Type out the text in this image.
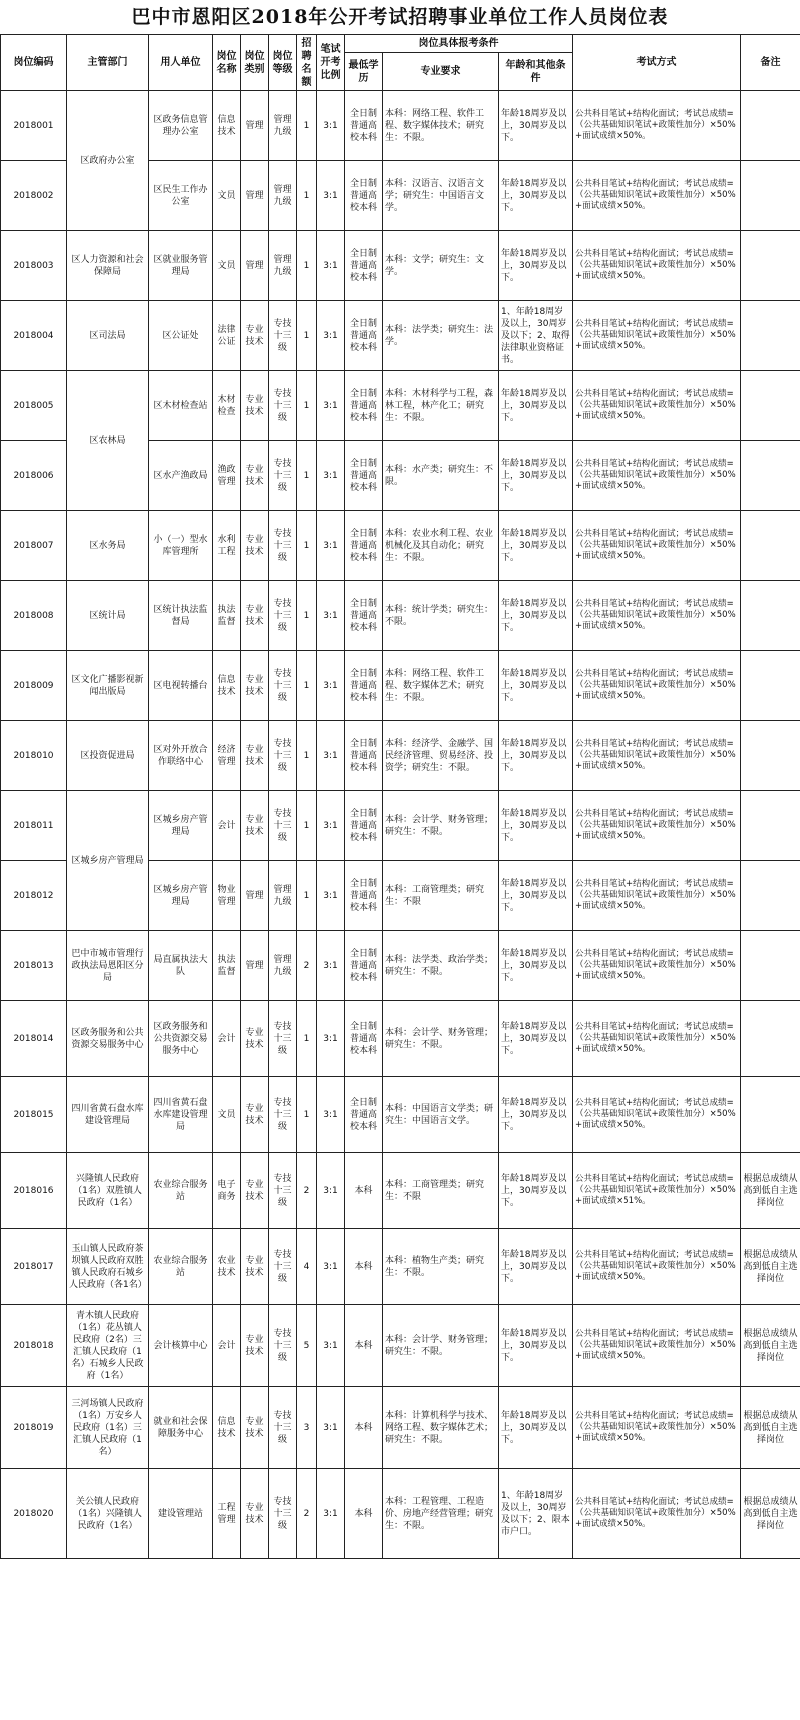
巴中市恩阳区2018年公开考试招聘事业单位工作人员岗位表
岗位编码	主管部门	用人单位	岗位名称	岗位类别	岗位等级	招聘名额	笔试开考比例	岗位具体报考条件			考试方式	备注
								最低学历	专业要求	年龄和其他条件		
2018001	区政府办公室	区政务信息管理办公室	信息技术	管理	管理九级	1	3:1	全日制普通高校本科	本科：网络工程、软件工程、数字媒体技术；研究生：不限。	年龄18周岁及以上，30周岁及以下。	公共科目笔试+结构化面试；考试总成绩=（公共基础知识笔试+政策性加分）×50%+面试成绩×50%。	
2018002		区民生工作办公室	文员	管理	管理九级	1	3:1	全日制普通高校本科	本科：汉语言、汉语言文学；研究生：中国语言文学。	年龄18周岁及以上，30周岁及以下。	公共科目笔试+结构化面试；考试总成绩=（公共基础知识笔试+政策性加分）×50%+面试成绩×50%。	
2018003	区人力资源和社会保障局	区就业服务管理局	文员	管理	管理九级	1	3:1	全日制普通高校本科	本科：文学；研究生：文学。	年龄18周岁及以上，30周岁及以下。	公共科目笔试+结构化面试；考试总成绩=（公共基础知识笔试+政策性加分）×50%+面试成绩×50%。	
2018004	区司法局	区公证处	法律公证	专业技术	专技十三级	1	3:1	全日制普通高校本科	本科：法学类；研究生：法学。	1、年龄18周岁及以上，30周岁及以下；2、取得法律职业资格证书。	公共科目笔试+结构化面试；考试总成绩=（公共基础知识笔试+政策性加分）×50%+面试成绩×50%。	
2018005	区农林局	区木材检查站	木材检查	专业技术	专技十三级	1	3:1	全日制普通高校本科	本科：木材科学与工程，森林工程，林产化工；研究生：不限。	年龄18周岁及以上，30周岁及以下。	公共科目笔试+结构化面试；考试总成绩=（公共基础知识笔试+政策性加分）×50%+面试成绩×50%。	
2018006		区水产渔政局	渔政管理	专业技术	专技十三级	1	3:1	全日制普通高校本科	本科：水产类；研究生：不限。	年龄18周岁及以上，30周岁及以下。	公共科目笔试+结构化面试；考试总成绩=（公共基础知识笔试+政策性加分）×50%+面试成绩×50%。	
2018007	区水务局	小（一）型水库管理所	水利工程	专业技术	专技十三级	1	3:1	全日制普通高校本科	本科：农业水利工程、农业机械化及其自动化；研究生：不限。	年龄18周岁及以上，30周岁及以下。	公共科目笔试+结构化面试；考试总成绩=（公共基础知识笔试+政策性加分）×50%+面试成绩×50%。	
2018008	区统计局	区统计执法监督局	执法监督	专业技术	专技十三级	1	3:1	全日制普通高校本科	本科：统计学类；研究生：不限。	年龄18周岁及以上，30周岁及以下。	公共科目笔试+结构化面试；考试总成绩=（公共基础知识笔试+政策性加分）×50%+面试成绩×50%。	
2018009	区文化广播影视新闻出版局	区电视转播台	信息技术	专业技术	专技十三级	1	3:1	全日制普通高校本科	本科：网络工程、软件工程、数字媒体艺术；研究生：不限。	年龄18周岁及以上，30周岁及以下。	公共科目笔试+结构化面试；考试总成绩=（公共基础知识笔试+政策性加分）×50%+面试成绩×50%。	
2018010	区投资促进局	区对外开放合作联络中心	经济管理	专业技术	专技十三级	1	3:1	全日制普通高校本科	本科：经济学、金融学、国民经济管理、贸易经济、投资学；研究生：不限。	年龄18周岁及以上，30周岁及以下。	公共科目笔试+结构化面试；考试总成绩=（公共基础知识笔试+政策性加分）×50%+面试成绩×50%。	
2018011	区城乡房产管理局	区城乡房产管理局	会计	专业技术	专技十三级	1	3:1	全日制普通高校本科	本科：会计学、财务管理；研究生：不限。	年龄18周岁及以上，30周岁及以下。	公共科目笔试+结构化面试；考试总成绩=（公共基础知识笔试+政策性加分）×50%+面试成绩×50%。	
2018012		区城乡房产管理局	物业管理	管理	管理九级	1	3:1	全日制普通高校本科	本科：工商管理类；研究生：不限	年龄18周岁及以上，30周岁及以下。	公共科目笔试+结构化面试；考试总成绩=（公共基础知识笔试+政策性加分）×50%+面试成绩×50%。	
2018013	巴中市城市管理行政执法局恩阳区分局	局直属执法大队	执法监督	管理	管理九级	2	3:1	全日制普通高校本科	本科：法学类、政治学类；研究生：不限。	年龄18周岁及以上，30周岁及以下。	公共科目笔试+结构化面试；考试总成绩=（公共基础知识笔试+政策性加分）×50%+面试成绩×50%。	
2018014	区政务服务和公共资源交易服务中心	区政务服务和公共资源交易服务中心	会计	专业技术	专技十三级	1	3:1	全日制普通高校本科	本科：会计学、财务管理；研究生：不限。	年龄18周岁及以上，30周岁及以下。	公共科目笔试+结构化面试；考试总成绩=（公共基础知识笔试+政策性加分）×50%+面试成绩×50%。	
2018015	四川省黄石盘水库建设管理局	四川省黄石盘水库建设管理局	文员	专业技术	专技十三级	1	3:1	全日制普通高校本科	本科：中国语言文学类；研究生：中国语言文学。	年龄18周岁及以上，30周岁及以下。	公共科目笔试+结构化面试；考试总成绩=（公共基础知识笔试+政策性加分）×50%+面试成绩×50%。	
2018016	兴隆镇人民政府（1名）双胜镇人民政府（1名）	农业综合服务站	电子商务	专业技术	专技十三级	2	3:1	本科	本科：工商管理类；研究生：不限	年龄18周岁及以上，30周岁及以下。	公共科目笔试+结构化面试；考试总成绩=（公共基础知识笔试+政策性加分）×50%+面试成绩×51%。	根据总成绩从高到低自主选择岗位
2018017	玉山镇人民政府茶坝镇人民政府双胜镇人民政府石城乡人民政府（各1名）	农业综合服务站	农业技术	专业技术	专技十三级	4	3:1	本科	本科：植物生产类；研究生：不限。	年龄18周岁及以上，30周岁及以下。	公共科目笔试+结构化面试；考试总成绩=（公共基础知识笔试+政策性加分）×50%+面试成绩×50%。	根据总成绩从高到低自主选择岗位
2018018	青木镇人民政府（1名）花丛镇人民政府（2名）三汇镇人民政府（1名）石城乡人民政府（1名）	会计核算中心	会计	专业技术	专技十三级	5	3:1	本科	本科：会计学、财务管理；研究生：不限。	年龄18周岁及以上，30周岁及以下。	公共科目笔试+结构化面试；考试总成绩=（公共基础知识笔试+政策性加分）×50%+面试成绩×50%。	根据总成绩从高到低自主选择岗位
2018019	三河场镇人民政府（1名）万安乡人民政府（1名）三汇镇人民政府（1名）	就业和社会保障服务中心	信息技术	专业技术	专技十三级	3	3:1	本科	本科：计算机科学与技术、网络工程、数字媒体艺术；研究生：不限。	年龄18周岁及以上，30周岁及以下。	公共科目笔试+结构化面试；考试总成绩=（公共基础知识笔试+政策性加分）×50%+面试成绩×50%。	根据总成绩从高到低自主选择岗位
2018020	关公镇人民政府（1名）兴隆镇人民政府（1名）	建设管理站	工程管理	专业技术	专技十三级	2	3:1	本科	本科：工程管理、工程造价、房地产经营管理；研究生：不限。	1、年龄18周岁及以上，30周岁及以下；2、限本市户口。	公共科目笔试+结构化面试；考试总成绩=（公共基础知识笔试+政策性加分）×50%+面试成绩×50%。	根据总成绩从高到低自主选择岗位
